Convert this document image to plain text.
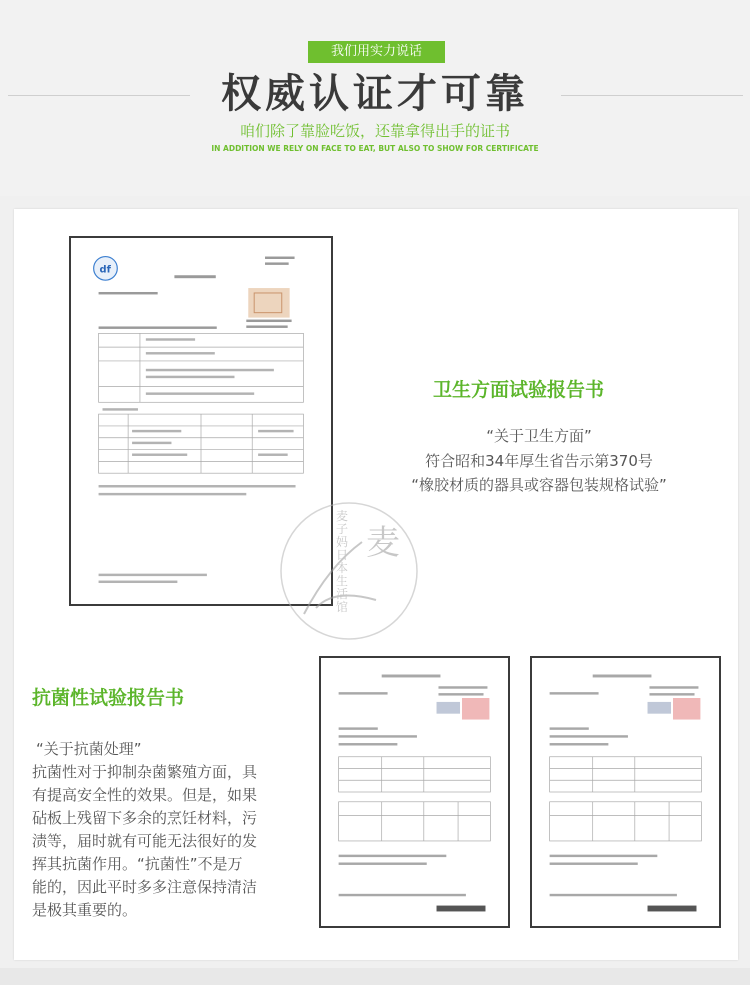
我们用实力说话
权威认证才可靠
咱们除了靠脸吃饭，还靠拿得出手的证书
IN ADDITION WE RELY ON FACE TO EAT, BUT ALSO TO SHOW FOR CERTIFICATE
df
卫生方面试验报告书
“关于卫生方面”
符合昭和34年厚生省告示第370号
“橡胶材质的器具或容器包装规格试验”
麦
麦子妈日本生活馆
抗菌性试验报告书
“关于抗菌处理”
抗菌性对于抑制杂菌繁殖方面，具
有提高安全性的效果。但是，如果
砧板上残留下多余的烹饪材料，污
渍等，届时就有可能无法很好的发
挥其抗菌作用。“抗菌性”不是万
能的，因此平时多多注意保持清洁
是极其重要的。
